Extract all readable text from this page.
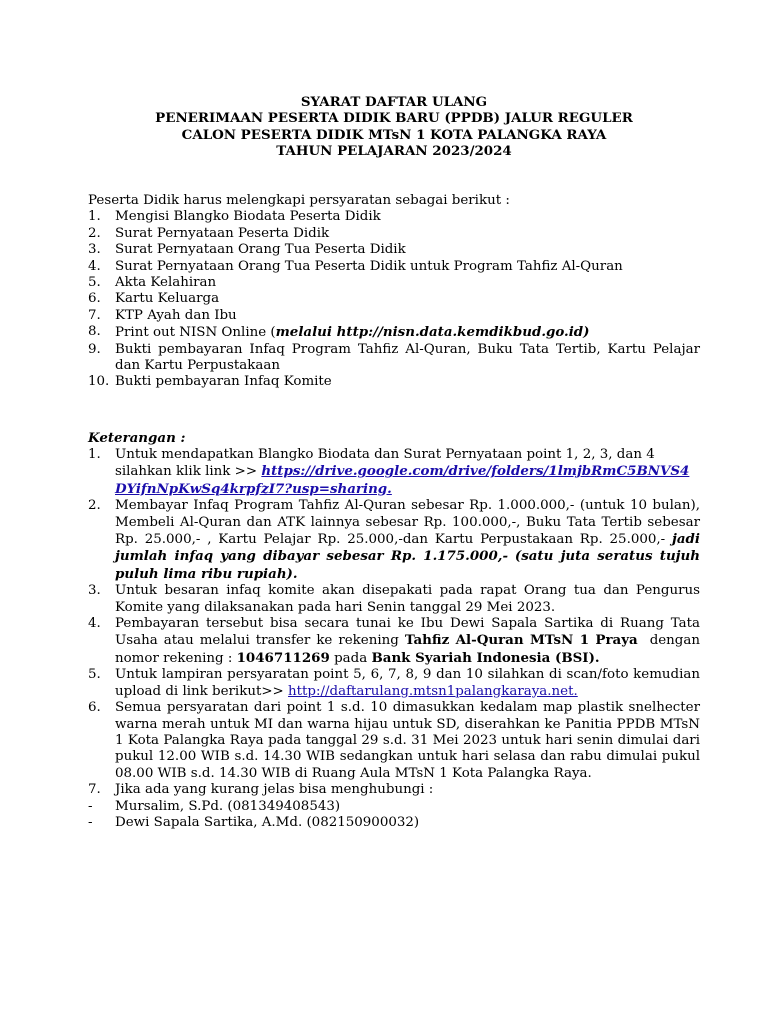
SYARAT DAFTAR ULANG
PENERIMAAN PESERTA DIDIK BARU (PPDB) JALUR REGULER
CALON PESERTA DIDIK MTsN 1 KOTA PALANGKA RAYA
TAHUN PELAJARAN 2023/2024
Peserta Didik harus melengkapi persyaratan sebagai berikut :
1.	Mengisi Blangko Biodata Peserta Didik
2.	Surat Pernyataan Peserta Didik
3.	Surat Pernyataan Orang Tua Peserta Didik
4.	Surat Pernyataan Orang Tua Peserta Didik untuk Program Tahfiz Al-Quran
5.	Akta Kelahiran
6.	Kartu Keluarga
7.	KTP Ayah dan Ibu
8.	Print out NISN Online (melalui http://nisn.data.kemdikbud.go.id)
9.	Bukti pembayaran Infaq Program Tahfiz Al-Quran, Buku Tata Tertib, Kartu Pelajar dan Kartu Perpustakaan
10. Bukti pembayaran Infaq Komite
Keterangan :
1.	Untuk mendapatkan Blangko Biodata dan Surat Pernyataan point 1, 2, 3, dan 4 silahkan klik link >> https://drive.google.com/drive/folders/1lmjbRmC5BNVS4DYifnNpKwSq4krpfzI7?usp=sharing.
2.	Membayar Infaq Program Tahfiz Al-Quran sebesar Rp. 1.000.000,- (untuk 10 bulan), Membeli Al-Quran dan ATK lainnya sebesar Rp. 100.000,-, Buku Tata Tertib sebesar Rp. 25.000,- , Kartu Pelajar Rp. 25.000,-dan Kartu Perpustakaan Rp. 25.000,- jadi jumlah infaq yang dibayar sebesar Rp. 1.175.000,- (satu juta seratus tujuh puluh lima ribu rupiah).
3.	Untuk besaran infaq komite akan disepakati pada rapat Orang tua dan Pengurus Komite yang dilaksanakan pada hari Senin tanggal 29 Mei 2023.
4.	Pembayaran tersebut bisa secara tunai ke Ibu Dewi Sapala Sartika di Ruang Tata Usaha atau melalui transfer ke rekening Tahfiz Al-Quran MTsN 1 Praya dengan nomor rekening : 1046711269 pada Bank Syariah Indonesia (BSI).
5.	Untuk lampiran persyaratan point 5, 6, 7, 8, 9 dan 10 silahkan di scan/foto kemudian upload di link berikut>> http://daftarulang.mtsn1palangkaraya.net.
6.	Semua persyaratan dari point 1 s.d. 10 dimasukkan kedalam map plastik snelhecter warna merah untuk MI dan warna hijau untuk SD, diserahkan ke Panitia PPDB MTsN 1 Kota Palangka Raya pada tanggal 29 s.d. 31 Mei 2023 untuk hari senin dimulai dari pukul 12.00 WIB s.d. 14.30 WIB sedangkan untuk hari selasa dan rabu dimulai pukul 08.00 WIB s.d. 14.30 WIB di Ruang Aula MTsN 1 Kota Palangka Raya.
7.	Jika ada yang kurang jelas bisa menghubungi :
-	Mursalim, S.Pd. (081349408543)
-	Dewi Sapala Sartika, A.Md. (082150900032)
